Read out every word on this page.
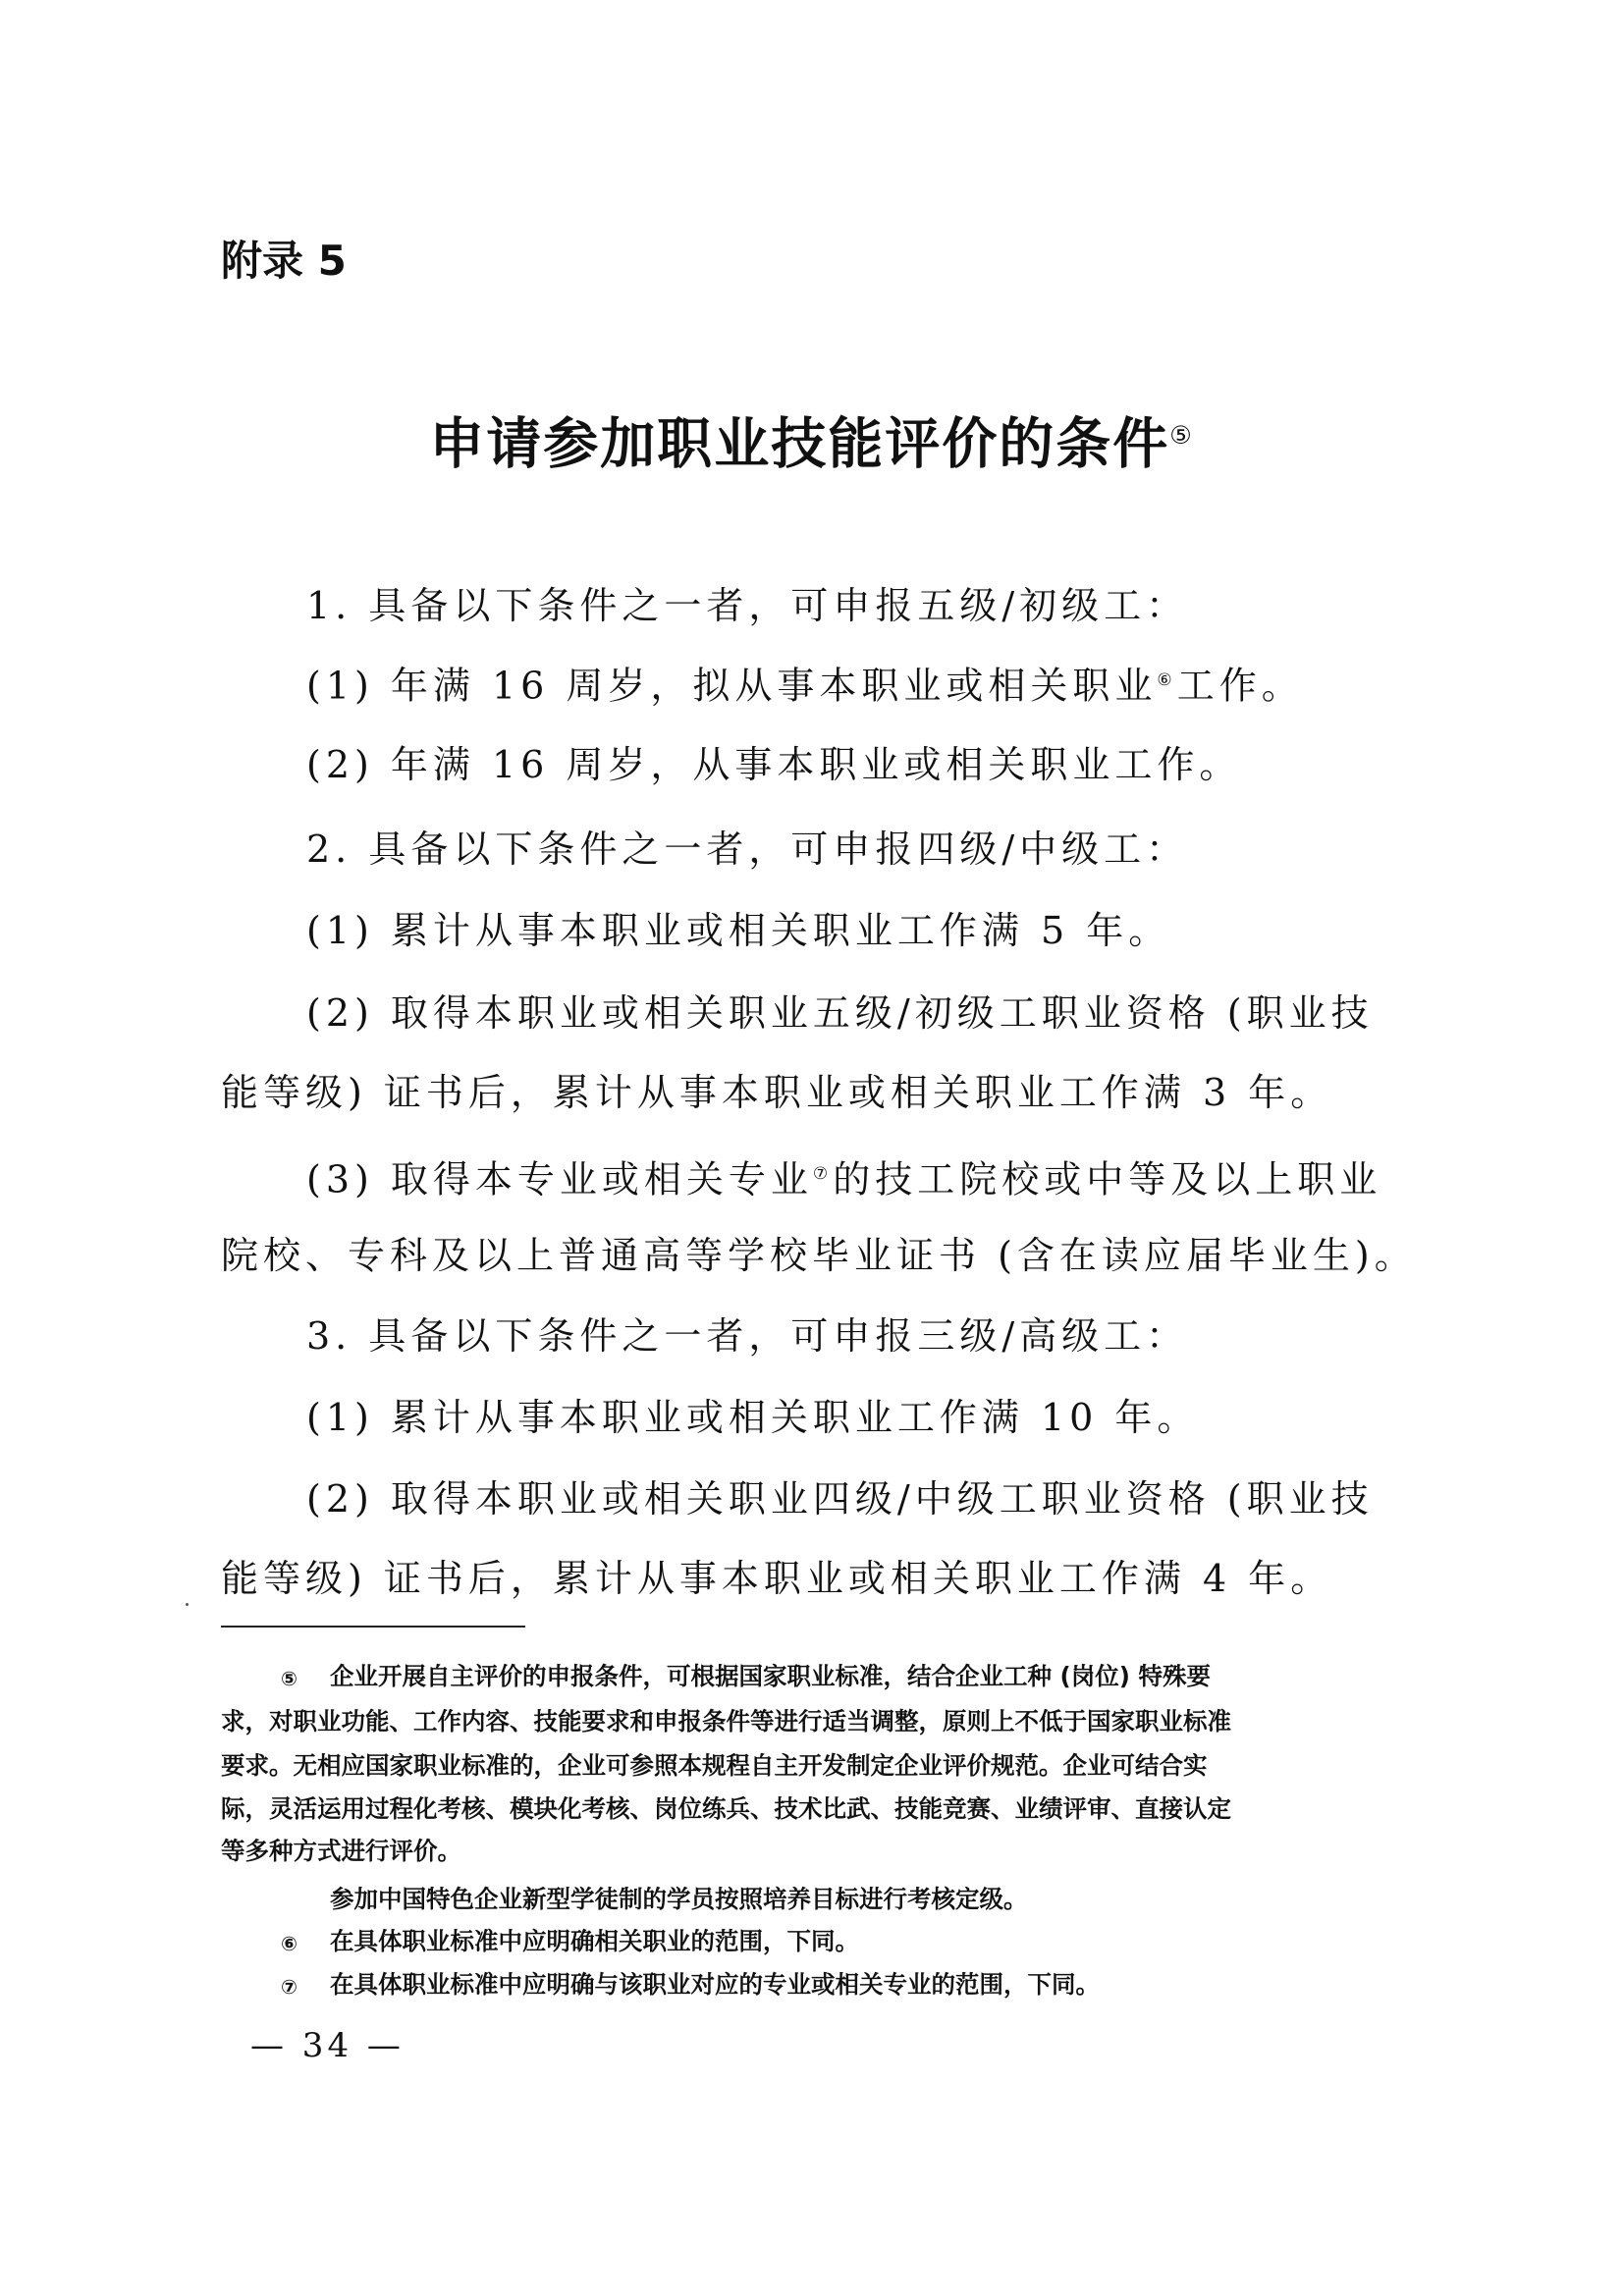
附录 5
申请参加职业技能评价的条件⑤
1. 具备以下条件之一者，可申报五级/初级工：
(1) 年满 16 周岁，拟从事本职业或相关职业⑥工作。
(2) 年满 16 周岁，从事本职业或相关职业工作。
2. 具备以下条件之一者，可申报四级/中级工：
(1) 累计从事本职业或相关职业工作满 5 年。
(2) 取得本职业或相关职业五级/初级工职业资格 (职业技
能等级) 证书后，累计从事本职业或相关职业工作满 3 年。
(3) 取得本专业或相关专业⑦的技工院校或中等及以上职业
院校、专科及以上普通高等学校毕业证书 (含在读应届毕业生)。
3. 具备以下条件之一者，可申报三级/高级工：
(1) 累计从事本职业或相关职业工作满 10 年。
(2) 取得本职业或相关职业四级/中级工职业资格 (职业技
能等级) 证书后，累计从事本职业或相关职业工作满 4 年。
⑤ 企业开展自主评价的申报条件，可根据国家职业标准，结合企业工种 (岗位) 特殊要
求，对职业功能、工作内容、技能要求和申报条件等进行适当调整，原则上不低于国家职业标准
要求。无相应国家职业标准的，企业可参照本规程自主开发制定企业评价规范。企业可结合实
际，灵活运用过程化考核、模块化考核、岗位练兵、技术比武、技能竞赛、业绩评审、直接认定
等多种方式进行评价。
参加中国特色企业新型学徒制的学员按照培养目标进行考核定级。
⑥ 在具体职业标准中应明确相关职业的范围，下同。
⑦ 在具体职业标准中应明确与该职业对应的专业或相关专业的范围，下同。
— 34 —
